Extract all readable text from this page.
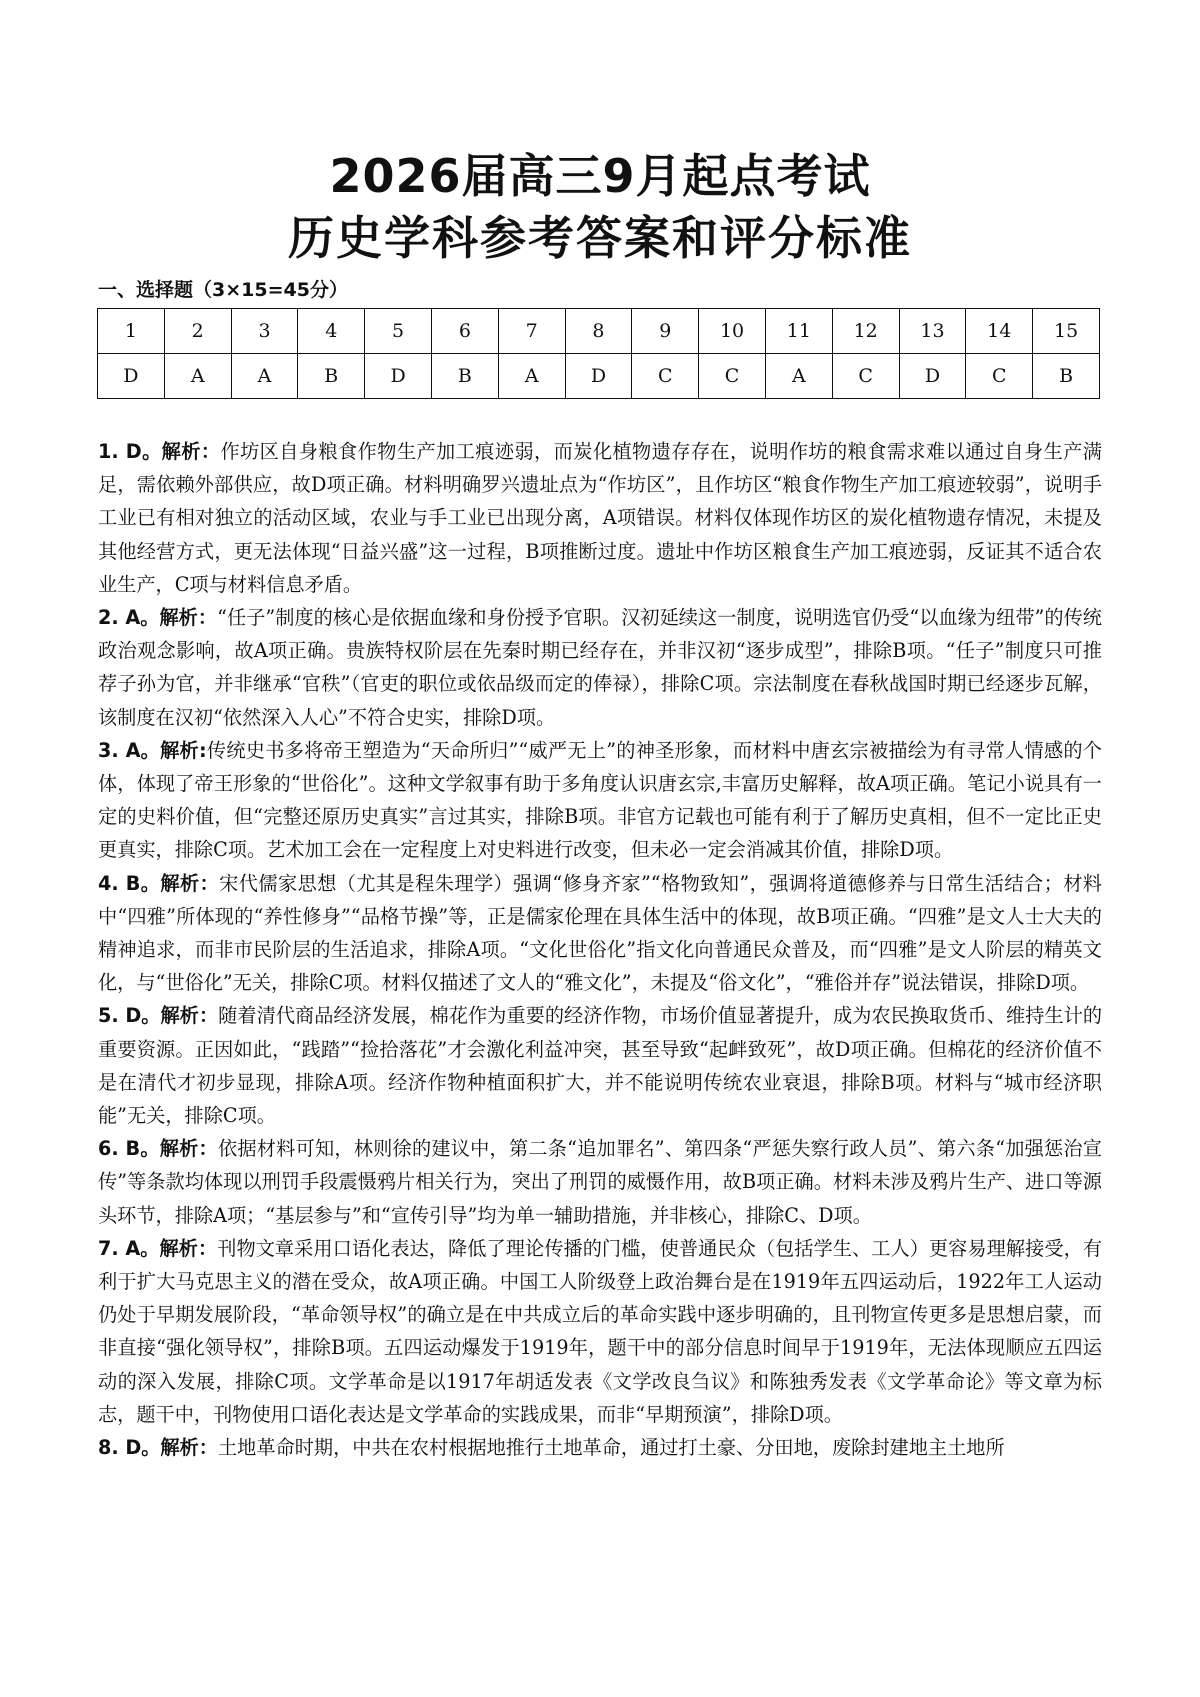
2026届高三9月起点考试
历史学科参考答案和评分标准
一、选择题（3×15=45分）
1	2	3	4	5	6	7	8	9	10	11	12	13	14	15
D	A	A	B	D	B	A	D	C	C	A	C	D	C	B

1. D。解析：作坊区自身粮食作物生产加工痕迹弱，而炭化植物遗存存在，说明作坊的粮食需求难以通过自身生产满足，需依赖外部供应，故D项正确。材料明确罗兴遗址点为“作坊区”，且作坊区“粮食作物生产加工痕迹较弱”，说明手工业已有相对独立的活动区域，农业与手工业已出现分离，A项错误。材料仅体现作坊区的炭化植物遗存情况，未提及其他经营方式，更无法体现“日益兴盛”这一过程，B项推断过度。遗址中作坊区粮食生产加工痕迹弱，反证其不适合农业生产，C项与材料信息矛盾。

2. A。解析：“任子”制度的核心是依据血缘和身份授予官职。汉初延续这一制度，说明选官仍受“以血缘为纽带”的传统政治观念影响，故A项正确。贵族特权阶层在先秦时期已经存在，并非汉初“逐步成型”，排除B项。“任子”制度只可推荐子孙为官，并非继承“官秩”（官吏的职位或依品级而定的俸禄），排除C项。宗法制度在春秋战国时期已经逐步瓦解，该制度在汉初“依然深入人心”不符合史实，排除D项。

3. A。解析:传统史书多将帝王塑造为“天命所归”“威严无上”的神圣形象，而材料中唐玄宗被描绘为有寻常人情感的个体，体现了帝王形象的“世俗化”。这种文学叙事有助于多角度认识唐玄宗,丰富历史解释，故A项正确。笔记小说具有一定的史料价值，但“完整还原历史真实”言过其实，排除B项。非官方记载也可能有利于了解历史真相，但不一定比正史更真实，排除C项。艺术加工会在一定程度上对史料进行改变，但未必一定会消减其价值，排除D项。

4. B。解析：宋代儒家思想（尤其是程朱理学）强调“修身齐家”“格物致知”，强调将道德修养与日常生活结合；材料中“四雅”所体现的“养性修身”“品格节操”等，正是儒家伦理在具体生活中的体现，故B项正确。“四雅”是文人士大夫的精神追求，而非市民阶层的生活追求，排除A项。“文化世俗化”指文化向普通民众普及，而“四雅”是文人阶层的精英文化，与“世俗化”无关，排除C项。材料仅描述了文人的“雅文化”，未提及“俗文化”，“雅俗并存”说法错误，排除D项。

5. D。解析：随着清代商品经济发展，棉花作为重要的经济作物，市场价值显著提升，成为农民换取货币、维持生计的重要资源。正因如此，“践踏”“捡拾落花”才会激化利益冲突，甚至导致“起衅致死”，故D项正确。但棉花的经济价值不是在清代才初步显现，排除A项。经济作物种植面积扩大，并不能说明传统农业衰退，排除B项。材料与“城市经济职能”无关，排除C项。

6. B。解析：依据材料可知，林则徐的建议中，第二条“追加罪名”、第四条“严惩失察行政人员”、第六条“加强惩治宣传”等条款均体现以刑罚手段震慑鸦片相关行为，突出了刑罚的威慑作用，故B项正确。材料未涉及鸦片生产、进口等源头环节，排除A项；“基层参与”和“宣传引导”均为单一辅助措施，并非核心，排除C、D项。

7. A。解析：刊物文章采用口语化表达，降低了理论传播的门槛，使普通民众（包括学生、工人）更容易理解接受，有利于扩大马克思主义的潜在受众，故A项正确。中国工人阶级登上政治舞台是在1919年五四运动后，1922年工人运动仍处于早期发展阶段，“革命领导权”的确立是在中共成立后的革命实践中逐步明确的，且刊物宣传更多是思想启蒙，而非直接“强化领导权”，排除B项。五四运动爆发于1919年，题干中的部分信息时间早于1919年，无法体现顺应五四运动的深入发展，排除C项。文学革命是以1917年胡适发表《文学改良刍议》和陈独秀发表《文学革命论》等文章为标志，题干中，刊物使用口语化表达是文学革命的实践成果，而非“早期预演”，排除D项。

8. D。解析：土地革命时期，中共在农村根据地推行土地革命，通过打土豪、分田地，废除封建地主土地所
